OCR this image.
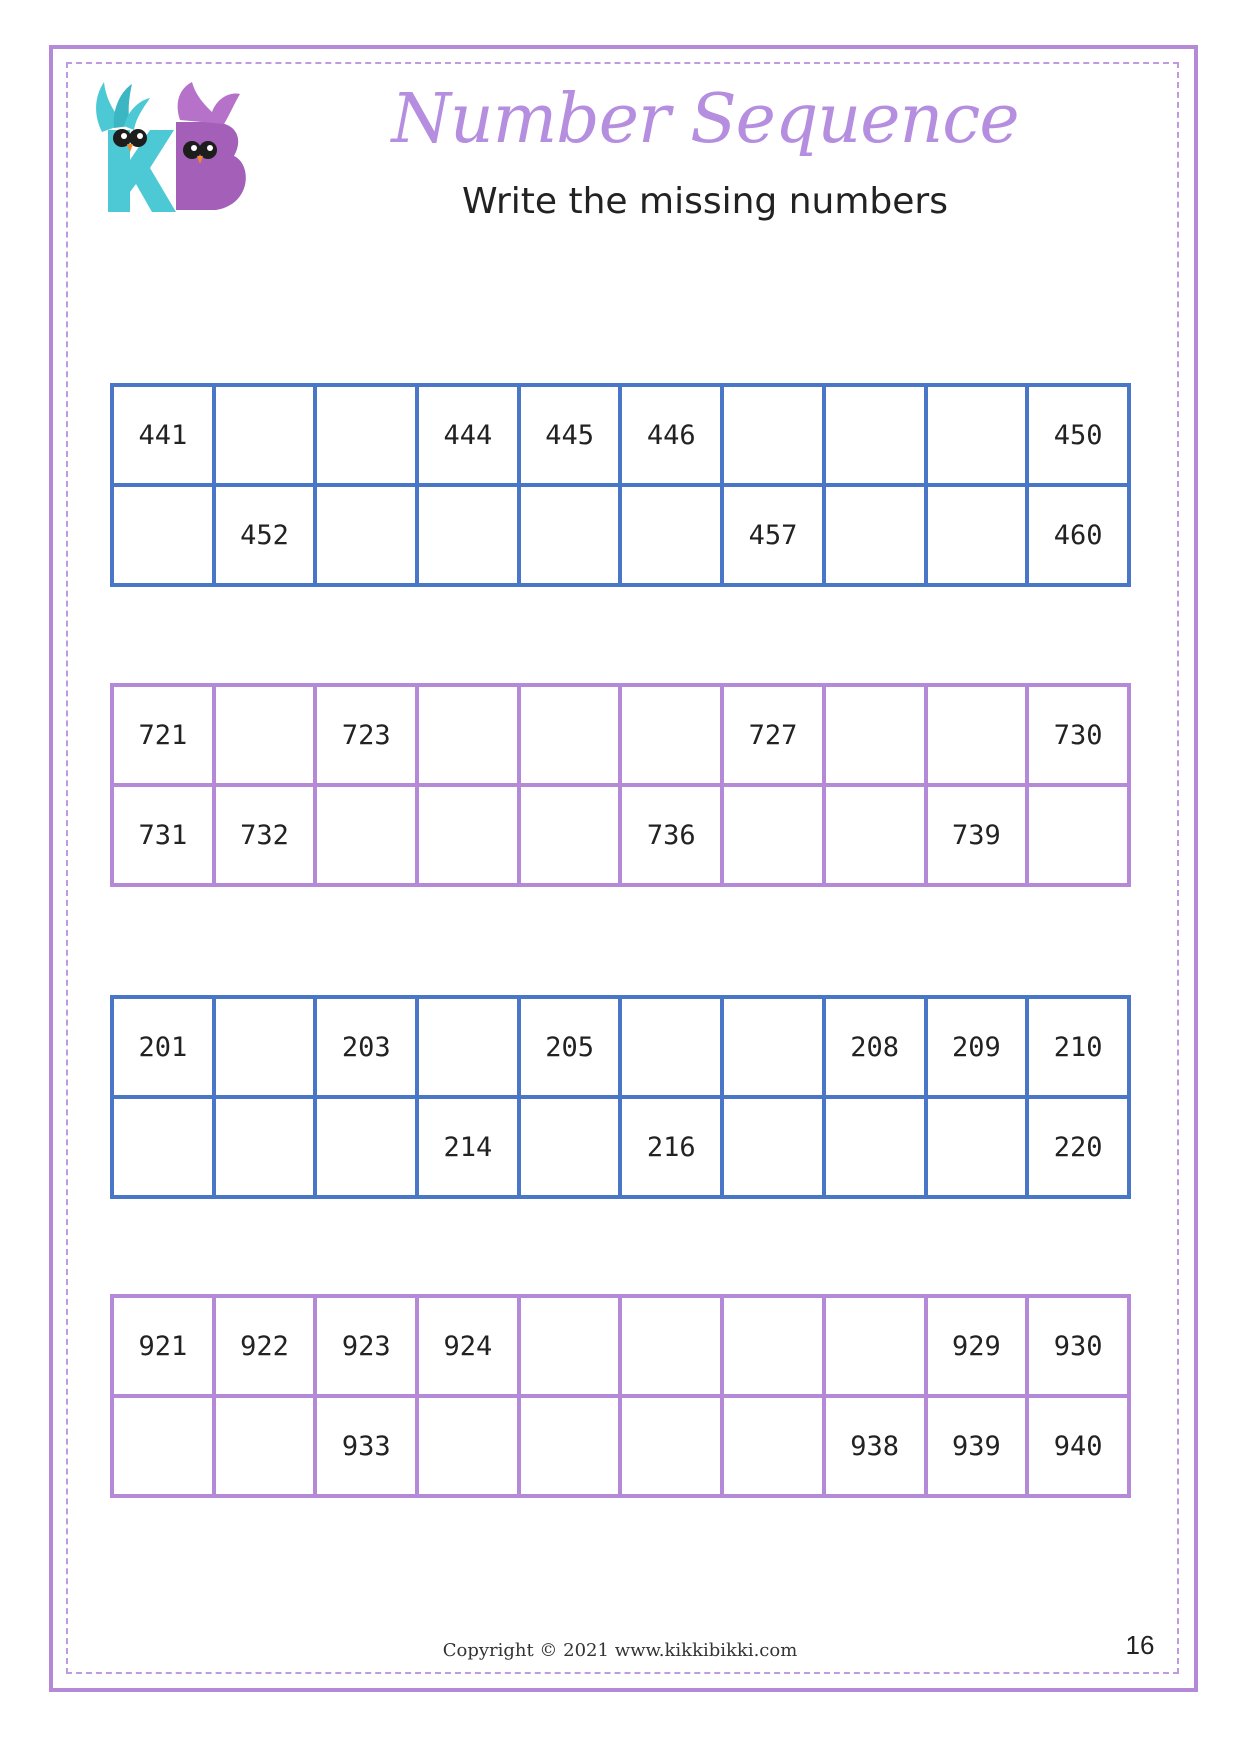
Number Sequence
Write the missing numbers
441			444	445	446				450
	452					457			460
721		723				727			730
731	732				736			739	
201		203		205			208	209	210
			214		216				220
921	922	923	924					929	930
		933					938	939	940
Copyright © 2021 www.kikkibikki.com	16
